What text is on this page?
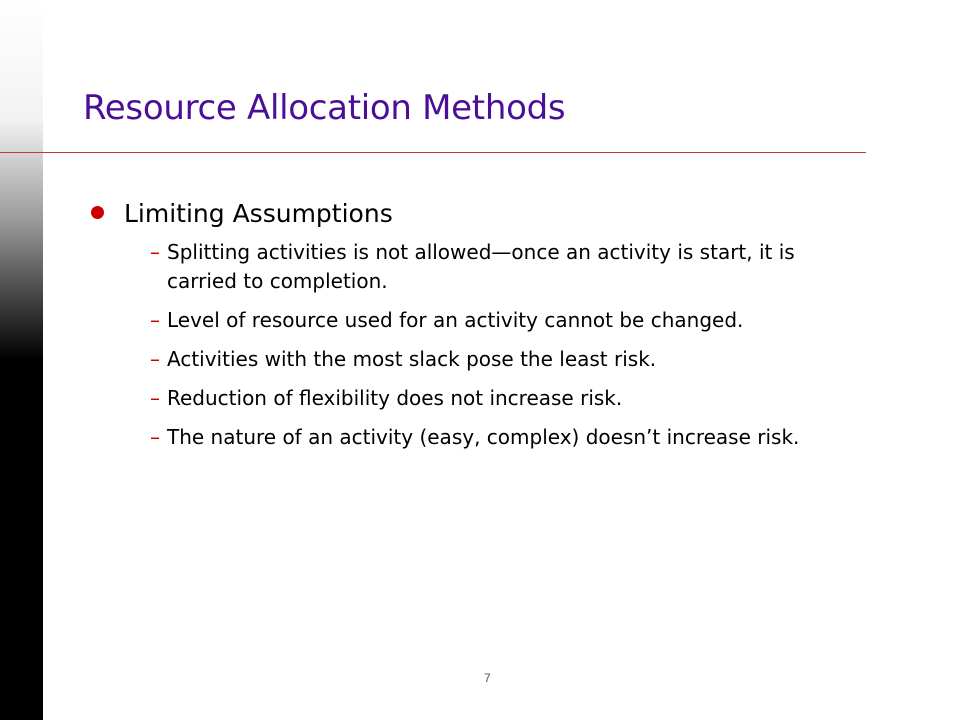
Resource Allocation Methods
Limiting Assumptions
– Splitting activities is not allowed—once an activity is start, it is carried to completion.
– Level of resource used for an activity cannot be changed.
– Activities with the most slack pose the least risk.
– Reduction of flexibility does not increase risk.
– The nature of an activity (easy, complex) doesn’t increase risk.
7
